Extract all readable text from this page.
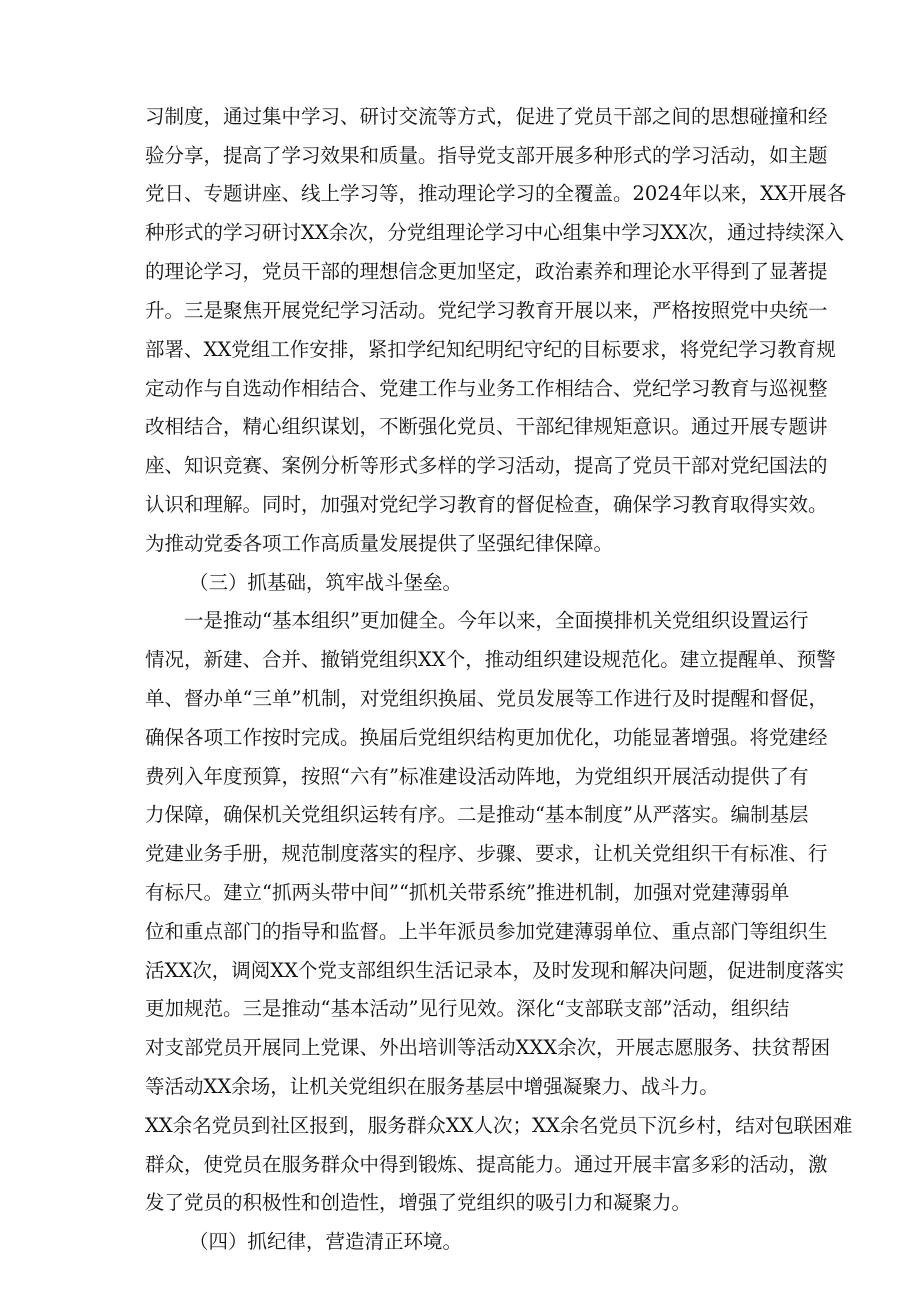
习制度，通过集中学习、研讨交流等方式，促进了党员干部之间的思想碰撞和经
验分享，提高了学习效果和质量。指导党支部开展多种形式的学习活动，如主题
党日、专题讲座、线上学习等，推动理论学习的全覆盖。2024年以来，XX开展各
种形式的学习研讨XX余次，分党组理论学习中心组集中学习XX次，通过持续深入
的理论学习，党员干部的理想信念更加坚定，政治素养和理论水平得到了显著提
升。三是聚焦开展党纪学习活动。党纪学习教育开展以来，严格按照党中央统一
部署、XX党组工作安排，紧扣学纪知纪明纪守纪的目标要求，将党纪学习教育规
定动作与自选动作相结合、党建工作与业务工作相结合、党纪学习教育与巡视整
改相结合，精心组织谋划，不断强化党员、干部纪律规矩意识。通过开展专题讲
座、知识竞赛、案例分析等形式多样的学习活动，提高了党员干部对党纪国法的
认识和理解。同时，加强对党纪学习教育的督促检查，确保学习教育取得实效。
为推动党委各项工作高质量发展提供了坚强纪律保障。
（三）抓基础，筑牢战斗堡垒。
一是推动“基本组织”更加健全。今年以来，全面摸排机关党组织设置运行
情况，新建、合并、撤销党组织XX个，推动组织建设规范化。建立提醒单、预警
单、督办单“三单”机制，对党组织换届、党员发展等工作进行及时提醒和督促，
确保各项工作按时完成。换届后党组织结构更加优化，功能显著增强。将党建经
费列入年度预算，按照“六有”标准建设活动阵地，为党组织开展活动提供了有
力保障，确保机关党组织运转有序。二是推动“基本制度”从严落实。编制基层
党建业务手册，规范制度落实的程序、步骤、要求，让机关党组织干有标准、行
有标尺。建立“抓两头带中间”“抓机关带系统”推进机制，加强对党建薄弱单
位和重点部门的指导和监督。上半年派员参加党建薄弱单位、重点部门等组织生
活XX次，调阅XX个党支部组织生活记录本，及时发现和解决问题，促进制度落实
更加规范。三是推动“基本活动”见行见效。深化“支部联支部”活动，组织结
对支部党员开展同上党课、外出培训等活动XXX余次，开展志愿服务、扶贫帮困
等活动XX余场，让机关党组织在服务基层中增强凝聚力、战斗力。
XX余名党员到社区报到，服务群众XX人次；XX余名党员下沉乡村，结对包联困难
群众，使党员在服务群众中得到锻炼、提高能力。通过开展丰富多彩的活动，激
发了党员的积极性和创造性，增强了党组织的吸引力和凝聚力。
（四）抓纪律，营造清正环境。
